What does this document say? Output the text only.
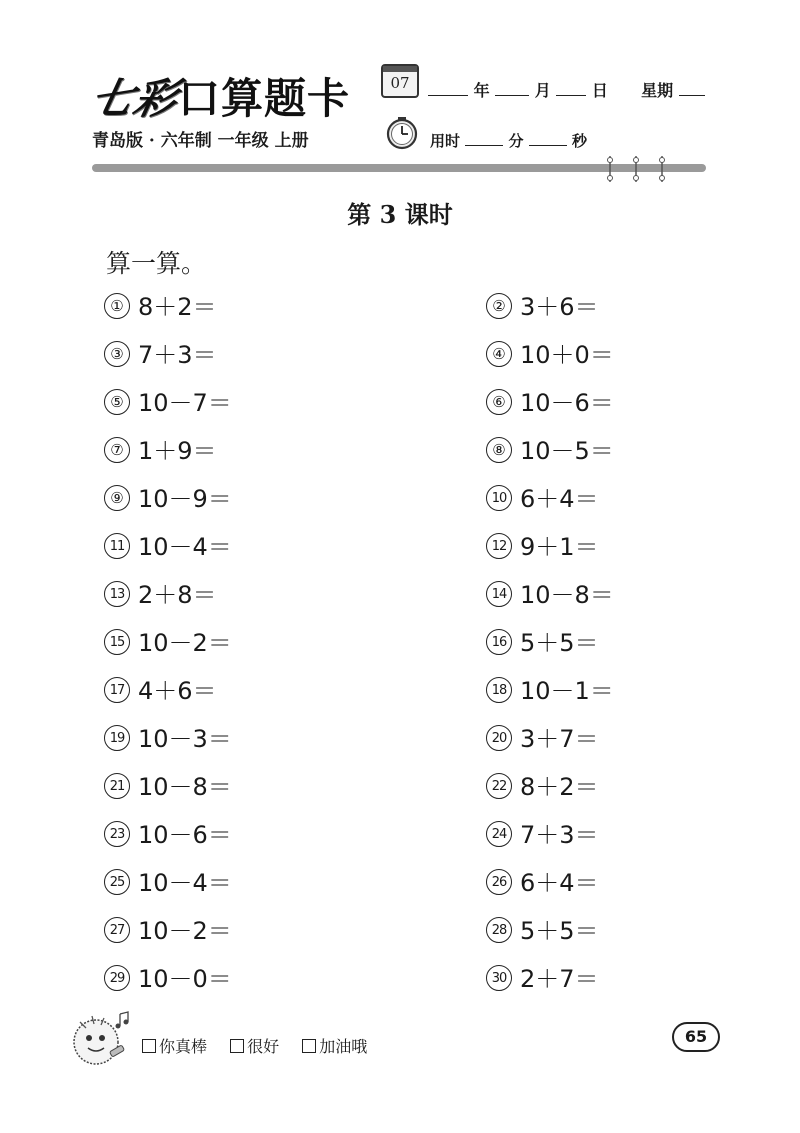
七彩口算题卡	07	年	月	日 星期
青岛版 · 六年制 一年级 上册	用时	分	秒
第 3 课时
算一算。
① 8＋2＝	② 3＋6＝
③ 7＋3＝	④ 10＋0＝
⑤ 10－7＝	⑥ 10－6＝
⑦ 1＋9＝	⑧ 10－5＝
⑨ 10－9＝	10 6＋4＝
11 10－4＝	12 9＋1＝
13 2＋8＝	14 10－8＝
15 10－2＝	16 5＋5＝
17 4＋6＝	18 10－1＝
19 10－3＝	20 3＋7＝
21 10－8＝	22 8＋2＝
23 10－6＝	24 7＋3＝
25 10－4＝	26 6＋4＝
27 10－2＝	28 5＋5＝
29 10－0＝	30 2＋7＝
你真棒	很好	加油哦
65
